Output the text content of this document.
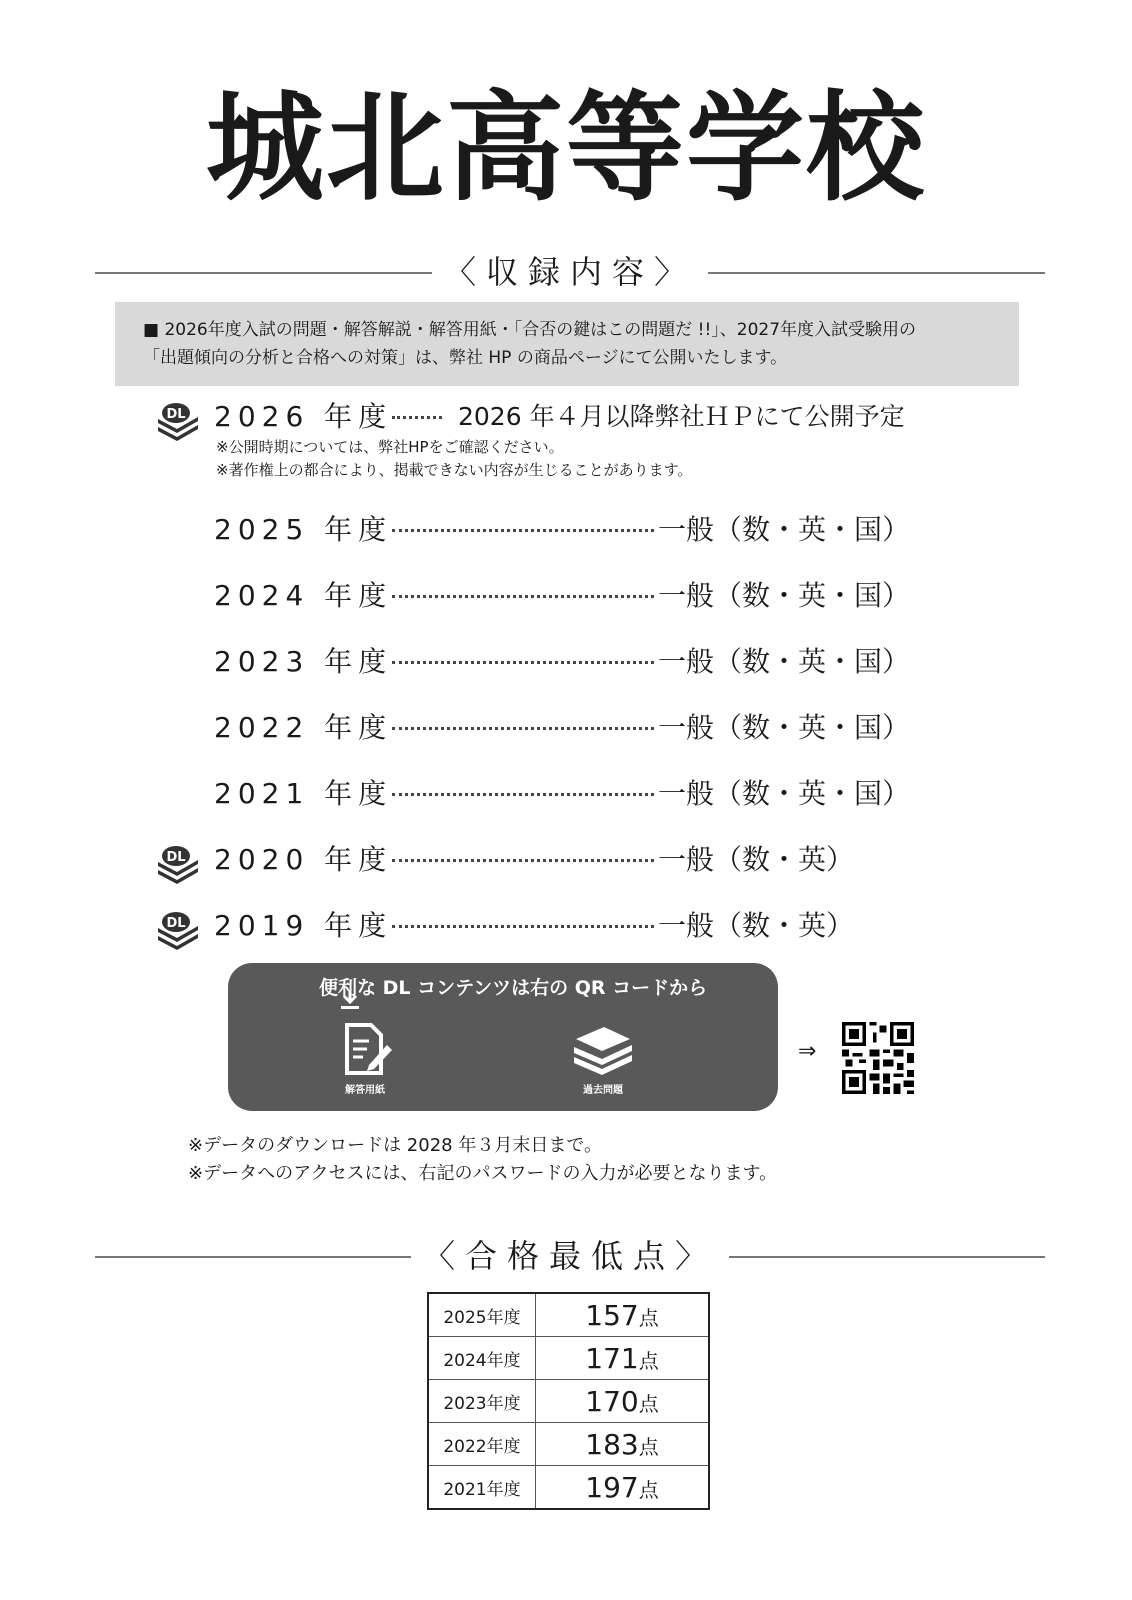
城北高等学校
〈収録内容〉
■ 2026年度入試の問題・解答解説・解答用紙・「合否の鍵はこの問題だ !!」、2027年度入試受験用の
「出題傾向の分析と合格への対策」は、弊社 HP の商品ページにて公開いたします。
DL 2026 年度	2026 年４月以降弊社ＨＰにて公開予定
※公開時期については、弊社HPをご確認ください。
※著作権上の都合により、掲載できない内容が生じることがあります。
2025 年度	一般（数・英・国）
2024 年度	一般（数・英・国）
2023 年度	一般（数・英・国）
2022 年度	一般（数・英・国）
2021 年度	一般（数・英・国）
DL 2020 年度	一般（数・英）
DL 2019 年度	一般（数・英）
便利な DL コンテンツは右の QR コードから
解答用紙	過去問題
⇒
※データのダウンロードは 2028 年３月末日まで。
※データへのアクセスには、右記のパスワードの入力が必要となります。
〈合格最低点〉
2025年度	157点
2024年度	171点
2023年度	170点
2022年度	183点
2021年度	197点
